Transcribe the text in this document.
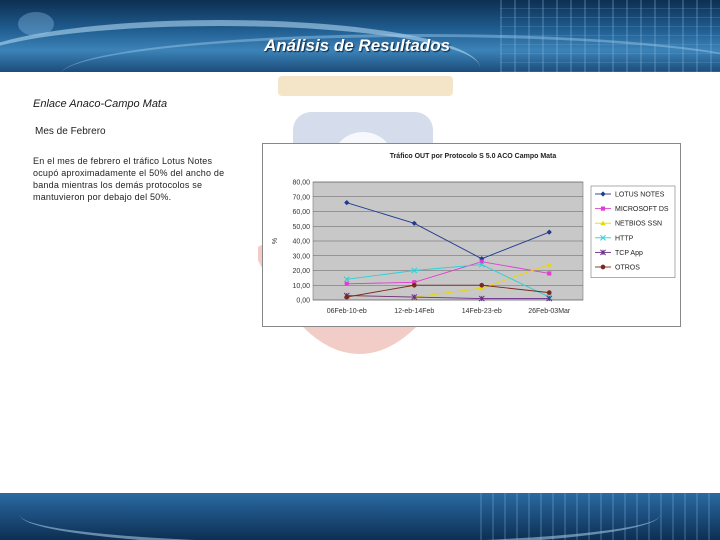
Análisis de Resultados

Enlace Anaco-Campo Mata

Mes de Febrero

En el mes de febrero el tráfico Lotus Notes ocupó aproximadamente el 50% del ancho de banda mientras los demás protocolos se mantuvieron por debajo del 50%.

Tráfico OUT por Protocolo S 5.0 ACO Campo Mata
80,00
70,00
60,00
50,00
40,00
30,00
20,00
10,00
0,00
%
06Feb-10-eb	12-eb-14Feb	14Feb-23-eb	26Feb-03Mar
LOTUS NOTES
MICROSOFT DS
NETBIOS SSN
HTTP
TCP App
OTROS
